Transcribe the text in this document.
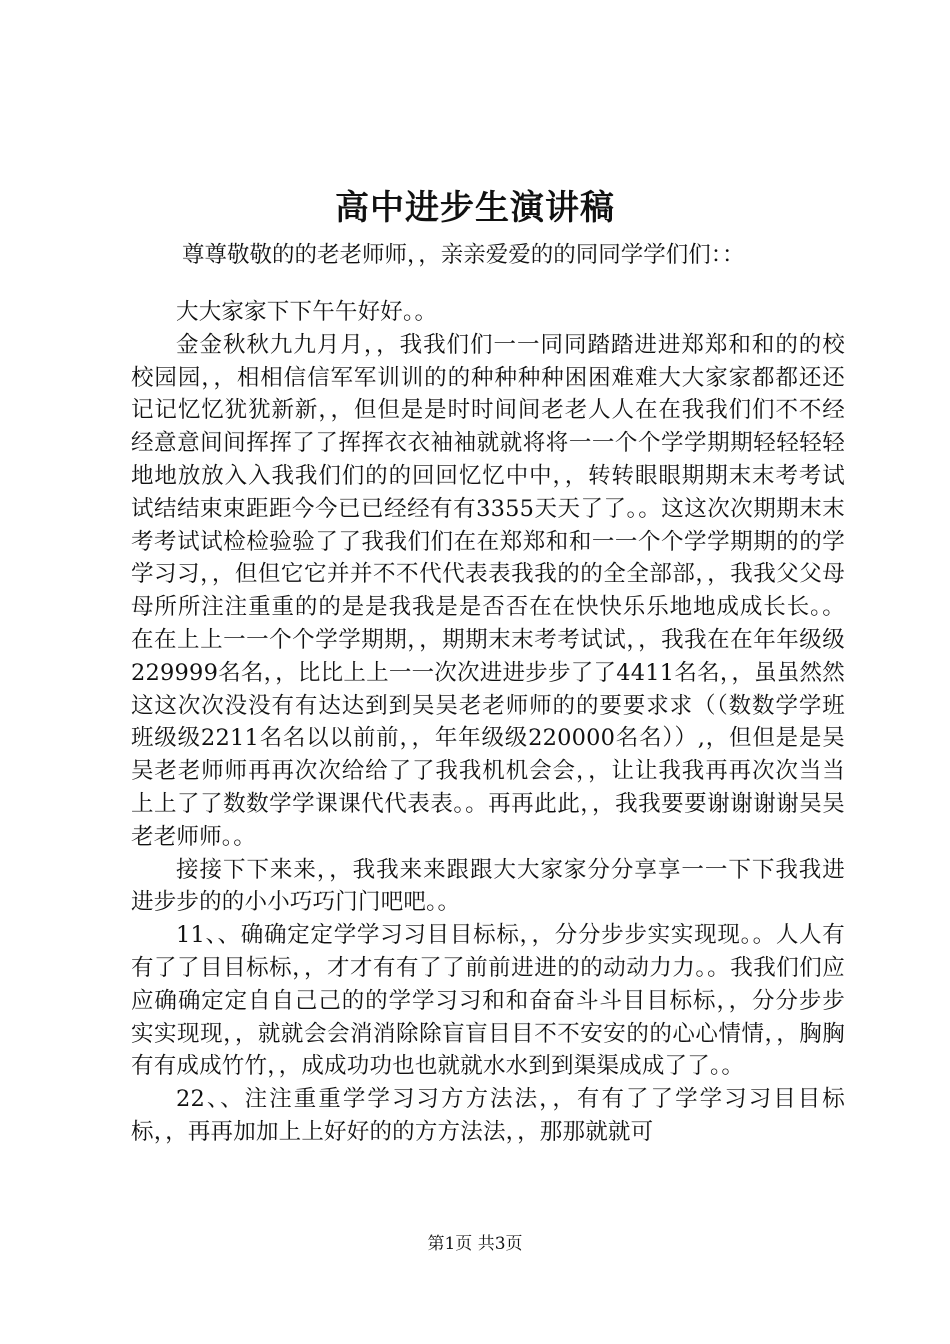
高中进步生演讲稿

尊尊敬敬的的老老师师，，亲亲爱爱的的同同学学们们：：

大大家家下下午午好好。。

金金秋秋九九月月，，我我们们一一同同踏踏进进郑郑和和的的校校园园，，相相信信军军训训的的种种种种困困难难大大家家都都还还记记忆忆犹犹新新，，但但是是时时间间老老人人在在我我们们不不经经意意间间挥挥了了挥挥衣衣袖袖就就将将一一个个学学期期轻轻轻轻地地放放入入我我们们的的回回忆忆中中，，转转眼眼期期末末考考试试结结束束距距今今已已经经有有3355天天了了。。这这次次期期末末考考试试检检验验了了我我们们在在郑郑和和一一个个学学期期的的学学习习，，但但它它并并不不代代表表我我的的全全部部，，我我父父母母所所注注重重的的是是我我是是否否在在快快乐乐地地成成长长。。在在上上一一个个学学期期，，期期末末考考试试，，我我在在年年级级229999名名，，比比上上一一次次进进步步了了4411名名，，虽虽然然这这次次没没有有达达到到吴吴老老师师的的要要求求（（数数学学班班级级2211名名以以前前，，年年级级220000名名））,，但但是是吴吴老老师师再再次次给给了了我我机机会会，，让让我我再再次次当当上上了了数数学学课课代代表表。。再再此此，，我我要要谢谢谢谢吴吴老老师师。。

接接下下来来，，我我来来跟跟大大家家分分享享一一下下我我进进步步的的小小巧巧门门吧吧。。

11、、确确定定学学习习目目标标，，分分步步实实现现。。人人有有了了目目标标，，才才有有了了前前进进的的动动力力。。我我们们应应确确定定自自己己的的学学习习和和奋奋斗斗目目标标，，分分步步实实现现，，就就会会消消除除盲盲目目不不安安的的心心情情，，胸胸有有成成竹竹，，成成功功也也就就水水到到渠渠成成了了。。

22、、注注重重学学习习方方法法，，有有了了学学习习目目标标，，再再加加上上好好的的方方法法，，那那就就可

第1页 共3页
